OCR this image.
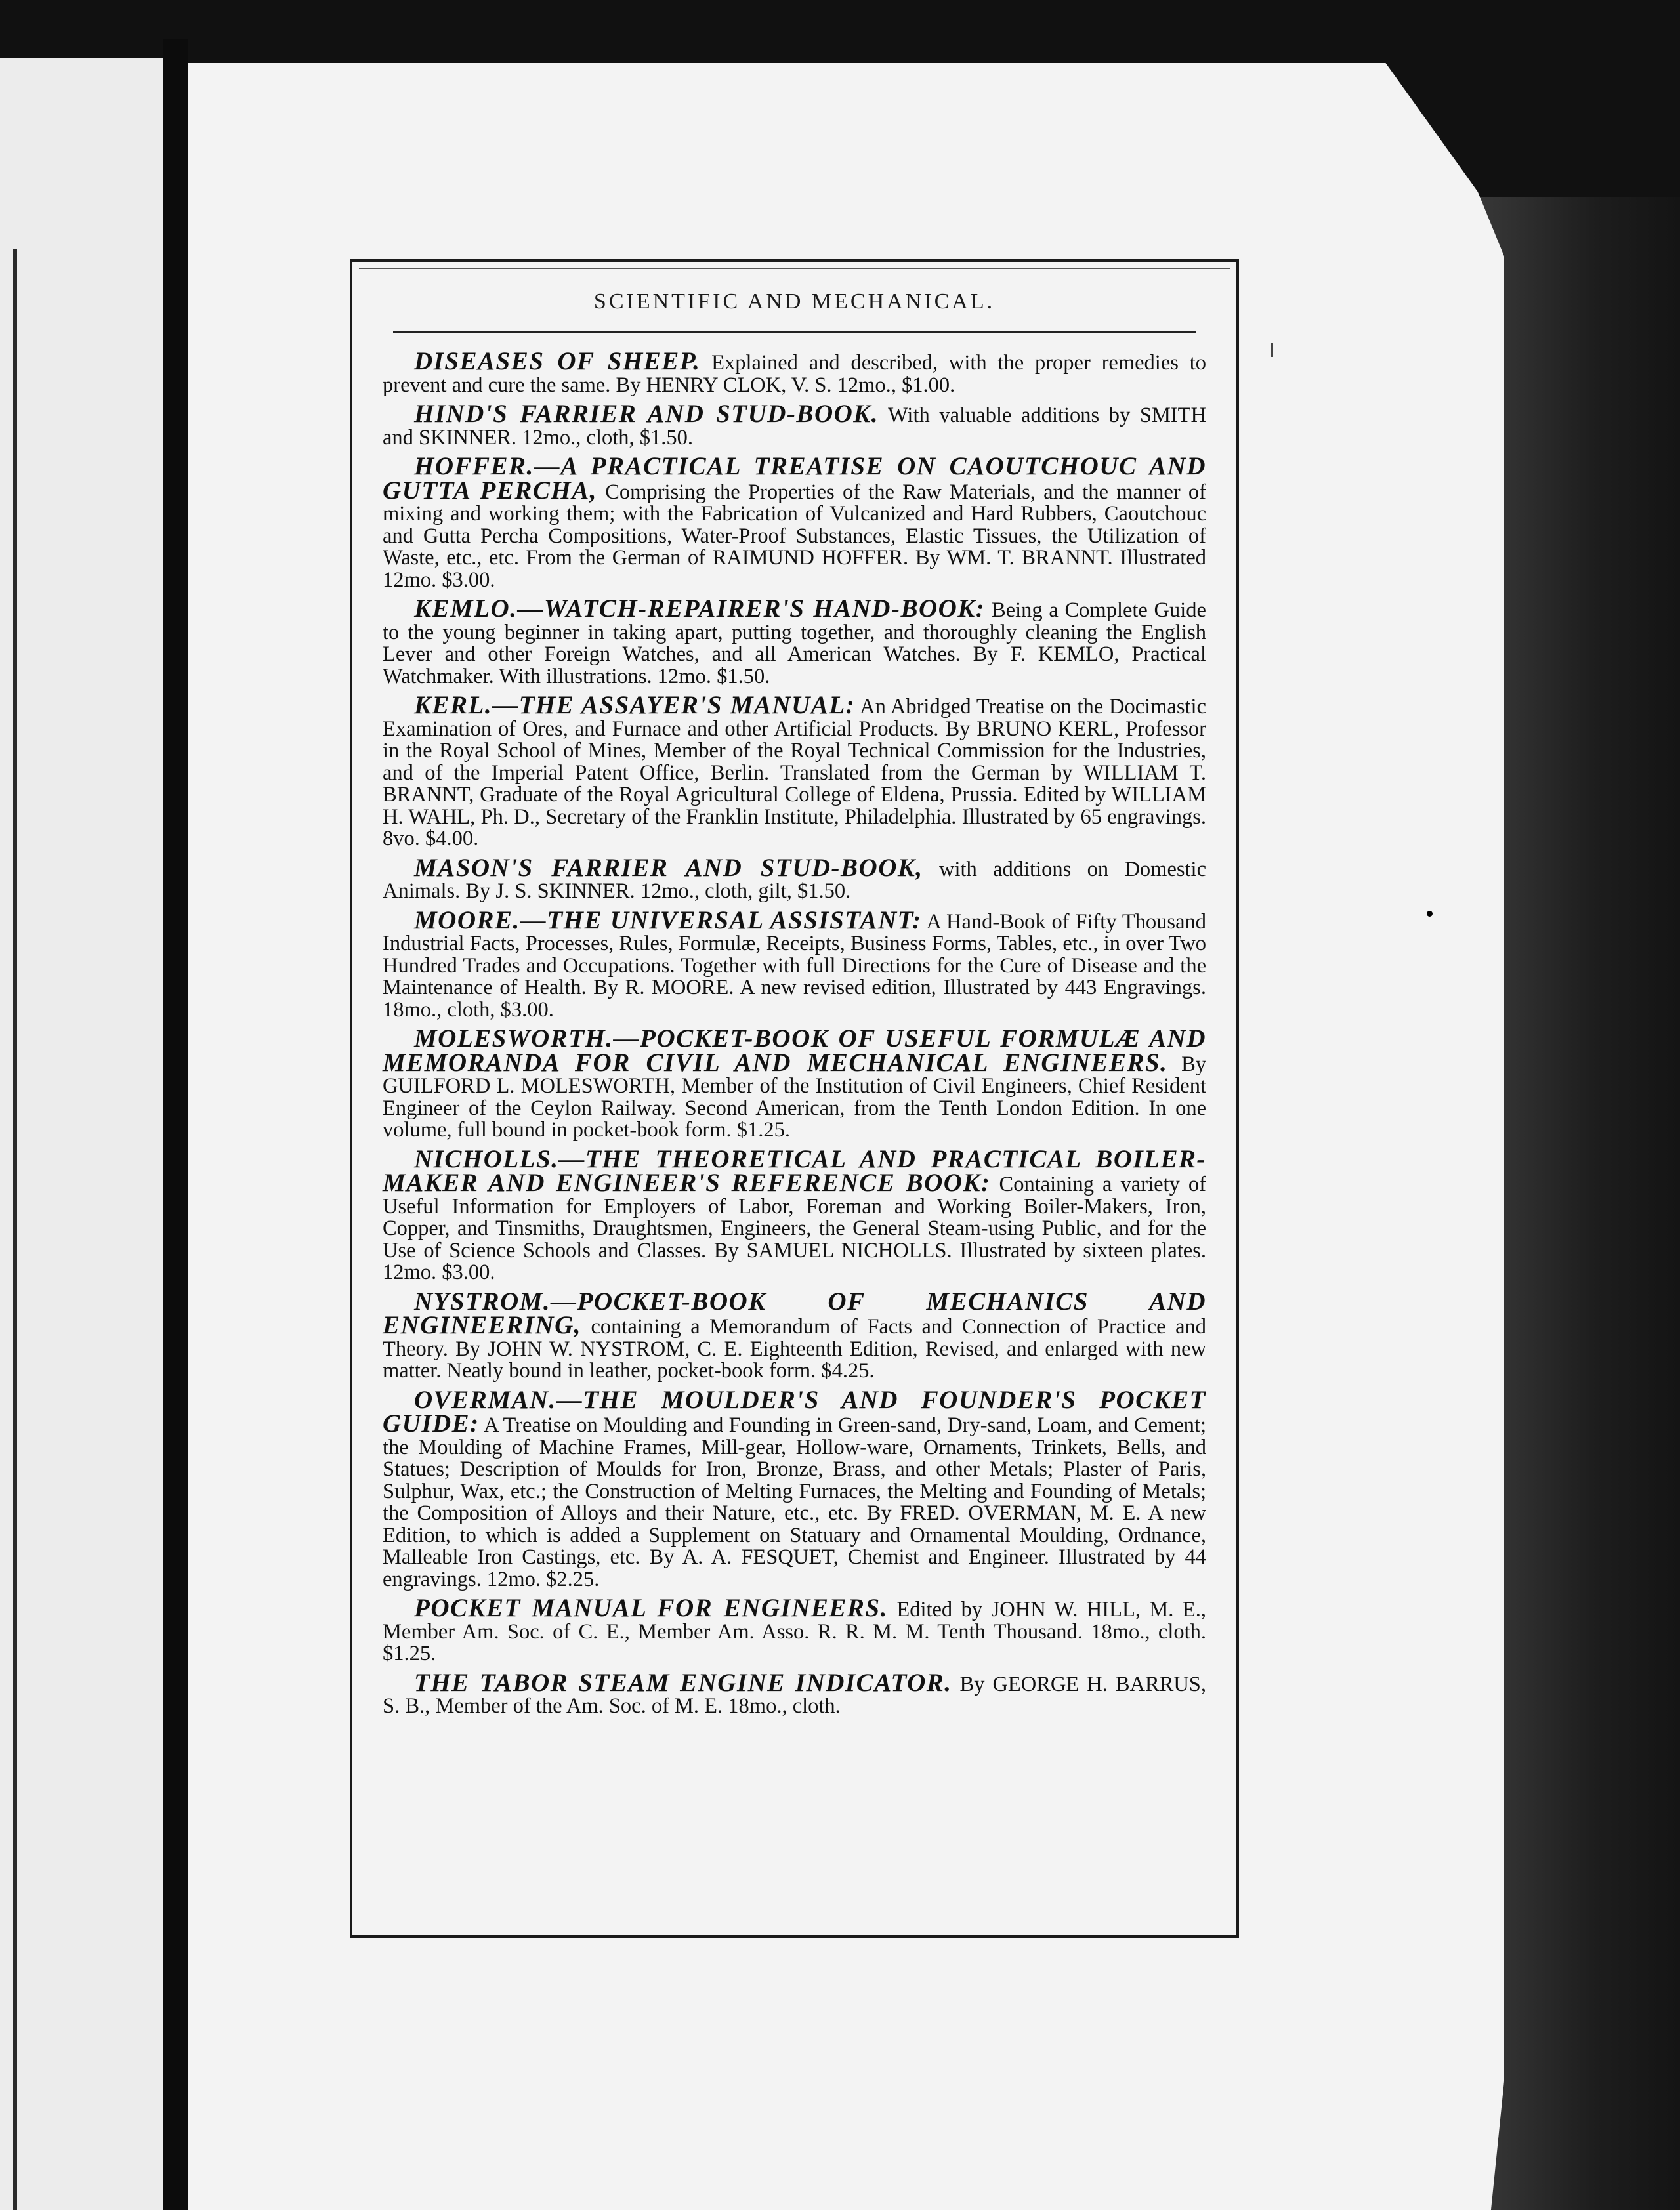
SCIENTIFIC AND MECHANICAL.

DISEASES OF SHEEP. Explained and described, with the proper remedies to prevent and cure the same. By HENRY CLOK, V. S. 12mo., $1.00.

HIND'S FARRIER AND STUD-BOOK. With valuable additions by SMITH and SKINNER. 12mo., cloth, $1.50.

HOFFER.—A PRACTICAL TREATISE ON CAOUTCHOUC AND GUTTA PERCHA, Comprising the Properties of the Raw Materials, and the manner of mixing and working them; with the Fabrication of Vulcanized and Hard Rubbers, Caoutchouc and Gutta Percha Compositions, Water-Proof Substances, Elastic Tissues, the Utilization of Waste, etc., etc. From the German of RAIMUND HOFFER. By WM. T. BRANNT. Illustrated 12mo. $3.00.

KEMLO.—WATCH-REPAIRER'S HAND-BOOK: Being a Complete Guide to the young beginner in taking apart, putting together, and thoroughly cleaning the English Lever and other Foreign Watches, and all American Watches. By F. KEMLO, Practical Watchmaker. With illustrations. 12mo. $1.50.

KERL.—THE ASSAYER'S MANUAL: An Abridged Treatise on the Docimastic Examination of Ores, and Furnace and other Artificial Products. By BRUNO KERL, Professor in the Royal School of Mines, Member of the Royal Technical Commission for the Industries, and of the Imperial Patent Office, Berlin. Translated from the German by WILLIAM T. BRANNT, Graduate of the Royal Agricultural College of Eldena, Prussia. Edited by WILLIAM H. WAHL, Ph. D., Secretary of the Franklin Institute, Philadelphia. Illustrated by 65 engravings. 8vo. $4.00.

MASON'S FARRIER AND STUD-BOOK, with additions on Domestic Animals. By J. S. SKINNER. 12mo., cloth, gilt, $1.50.

MOORE.—THE UNIVERSAL ASSISTANT: A Hand-Book of Fifty Thousand Industrial Facts, Processes, Rules, Formulæ, Receipts, Business Forms, Tables, etc., in over Two Hundred Trades and Occupations. Together with full Directions for the Cure of Disease and the Maintenance of Health. By R. MOORE. A new revised edition, Illustrated by 443 Engravings. 18mo., cloth, $3.00.

MOLESWORTH.—POCKET-BOOK OF USEFUL FORMULÆ AND MEMORANDA FOR CIVIL AND MECHANICAL ENGINEERS. By GUILFORD L. MOLESWORTH, Member of the Institution of Civil Engineers, Chief Resident Engineer of the Ceylon Railway. Second American, from the Tenth London Edition. In one volume, full bound in pocket-book form. $1.25.

NICHOLLS.—THE THEORETICAL AND PRACTICAL BOILER-MAKER AND ENGINEER'S REFERENCE BOOK: Containing a variety of Useful Information for Employers of Labor, Foreman and Working Boiler-Makers, Iron, Copper, and Tinsmiths, Draughtsmen, Engineers, the General Steam-using Public, and for the Use of Science Schools and Classes. By SAMUEL NICHOLLS. Illustrated by sixteen plates. 12mo. $3.00.

NYSTROM.—POCKET-BOOK OF MECHANICS AND ENGINEERING, containing a Memorandum of Facts and Connection of Practice and Theory. By JOHN W. NYSTROM, C. E. Eighteenth Edition, Revised, and enlarged with new matter. Neatly bound in leather, pocket-book form. $4.25.

OVERMAN.—THE MOULDER'S AND FOUNDER'S POCKET GUIDE: A Treatise on Moulding and Founding in Green-sand, Dry-sand, Loam, and Cement; the Moulding of Machine Frames, Mill-gear, Hollow-ware, Ornaments, Trinkets, Bells, and Statues; Description of Moulds for Iron, Bronze, Brass, and other Metals; Plaster of Paris, Sulphur, Wax, etc.; the Construction of Melting Furnaces, the Melting and Founding of Metals; the Composition of Alloys and their Nature, etc., etc. By FRED. OVERMAN, M. E. A new Edition, to which is added a Supplement on Statuary and Ornamental Moulding, Ordnance, Malleable Iron Castings, etc. By A. A. FESQUET, Chemist and Engineer. Illustrated by 44 engravings. 12mo. $2.25.

POCKET MANUAL FOR ENGINEERS. Edited by JOHN W. HILL, M. E., Member Am. Soc. of C. E., Member Am. Asso. R. R. M. M. Tenth Thousand. 18mo., cloth. $1.25.

THE TABOR STEAM ENGINE INDICATOR. By GEORGE H. BARRUS, S. B., Member of the Am. Soc. of M. E. 18mo., cloth.
